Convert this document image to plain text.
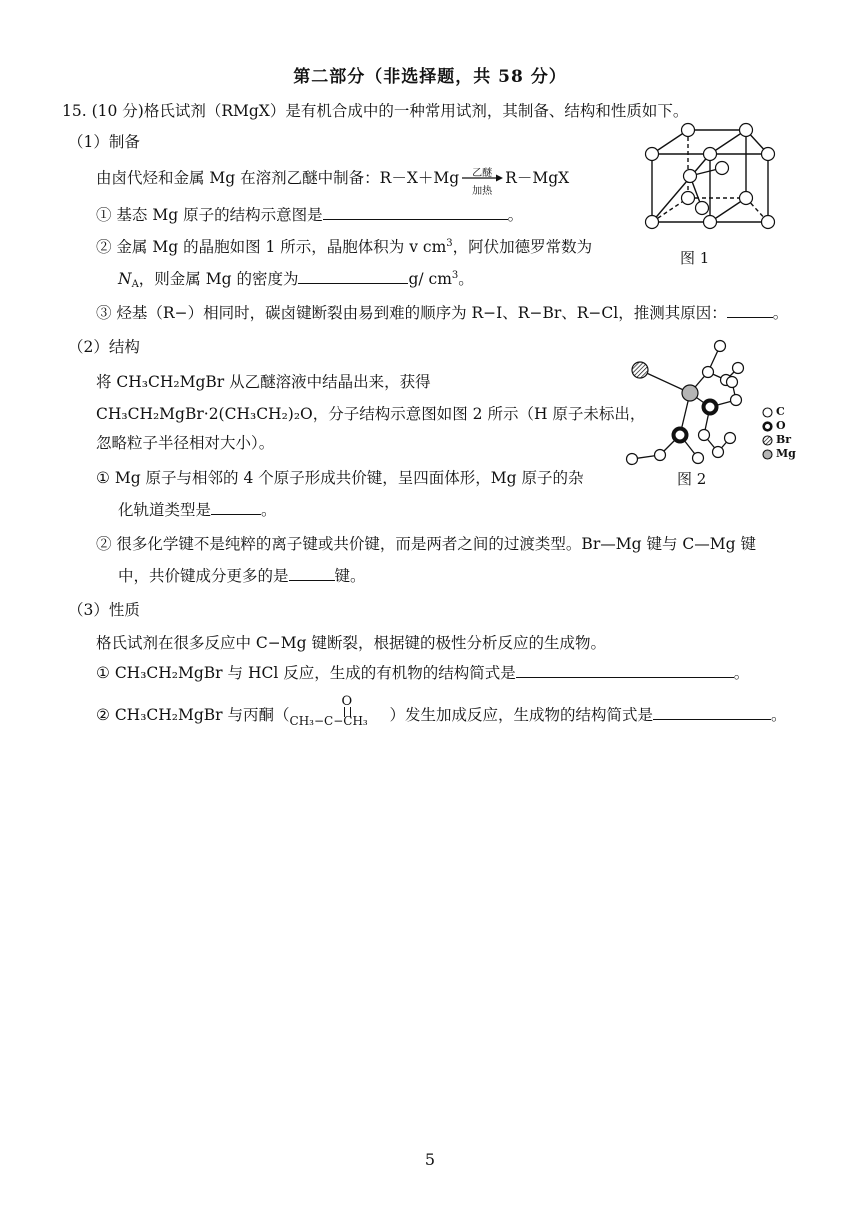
第二部分（非选择题，共 58 分）
15. (10 分)格氏试剂（RMgX）是有机合成中的一种常用试剂，其制备、结构和性质如下。
（1）制备
由卤代烃和金属 Mg 在溶剂乙醚中制备：R－X＋Mg	乙醚
加热
R－MgX
① 基态 Mg 原子的结构示意图是	。
② 金属 Mg 的晶胞如图 1 所示，晶胞体积为 v $cm^3$，阿伏加德罗常数为
$N_A$，则金属 Mg 的密度为	g/ $cm^3$。
③ 烃基（R−）相同时，碳卤键断裂由易到难的顺序为 R−I、R−Br、R−Cl，推测其原因：	。
图 1
（2）结构
将 CH₃CH₂MgBr 从乙醚溶液中结晶出来，获得
CH₃CH₂MgBr·2(CH₃CH₂)₂O，分子结构示意图如图 2 所示（H 原子未标出，
忽略粒子半径相对大小）。
① Mg 原子与相邻的 4 个原子形成共价键，呈四面体形，Mg 原子的杂
化轨道类型是	。
② 很多化学键不是纯粹的离子键或共价键，而是两者之间的过渡类型。Br—Mg 键与 C—Mg 键
中，共价键成分更多的是	键。
图 2
C
O
Br
Mg
（3）性质
格氏试剂在很多反应中 C−Mg 键断裂，根据键的极性分析反应的生成物。
① CH₃CH₂MgBr 与 HCl 反应，生成的有机物的结构简式是	。
② CH₃CH₂MgBr 与丙酮（
O
CH₃−C−CH₃ ）发生加成反应，生成物的结构简式是	。
5
